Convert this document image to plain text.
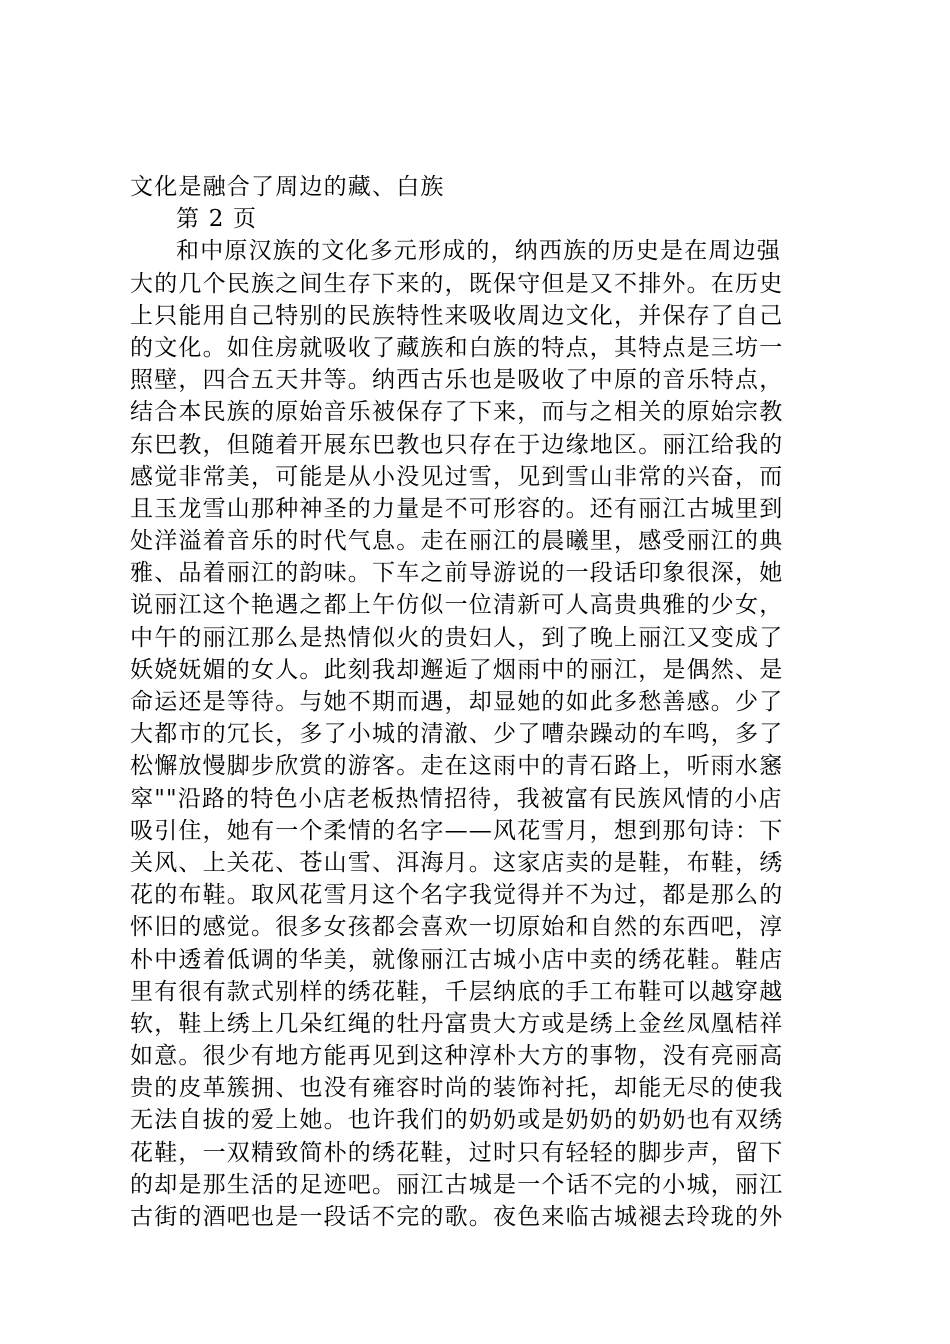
文化是融合了周边的藏、白族
第 2 页
和中原汉族的文化多元形成的，纳西族的历史是在周边强
大的几个民族之间生存下来的，既保守但是又不排外。在历史
上只能用自己特别的民族特性来吸收周边文化，并保存了自己
的文化。如住房就吸收了藏族和白族的特点，其特点是三坊一
照壁，四合五天井等。纳西古乐也是吸收了中原的音乐特点，
结合本民族的原始音乐被保存了下来，而与之相关的原始宗教
东巴教，但随着开展东巴教也只存在于边缘地区。丽江给我的
感觉非常美，可能是从小没见过雪，见到雪山非常的兴奋，而
且玉龙雪山那种神圣的力量是不可形容的。还有丽江古城里到
处洋溢着音乐的时代气息。走在丽江的晨曦里，感受丽江的典
雅、品着丽江的韵味。下车之前导游说的一段话印象很深，她
说丽江这个艳遇之都上午仿似一位清新可人高贵典雅的少女，
中午的丽江那么是热情似火的贵妇人，到了晚上丽江又变成了
妖娆妩媚的女人。此刻我却邂逅了烟雨中的丽江，是偶然、是
命运还是等待。与她不期而遇，却显她的如此多愁善感。少了
大都市的冗长，多了小城的清澈、少了嘈杂躁动的车鸣，多了
松懈放慢脚步欣赏的游客。走在这雨中的青石路上，听雨水窸
窣""沿路的特色小店老板热情招待，我被富有民族风情的小店
吸引住，她有一个柔情的名字——风花雪月，想到那句诗：下
关风、上关花、苍山雪、洱海月。这家店卖的是鞋，布鞋，绣
花的布鞋。取风花雪月这个名字我觉得并不为过，都是那么的
怀旧的感觉。很多女孩都会喜欢一切原始和自然的东西吧，淳
朴中透着低调的华美，就像丽江古城小店中卖的绣花鞋。鞋店
里有很有款式别样的绣花鞋，千层纳底的手工布鞋可以越穿越
软，鞋上绣上几朵红绳的牡丹富贵大方或是绣上金丝凤凰桔祥
如意。很少有地方能再见到这种淳朴大方的事物，没有亮丽高
贵的皮革簇拥、也没有雍容时尚的装饰衬托，却能无尽的使我
无法自拔的爱上她。也许我们的奶奶或是奶奶的奶奶也有双绣
花鞋，一双精致简朴的绣花鞋，过时只有轻轻的脚步声，留下
的却是那生活的足迹吧。丽江古城是一个话不完的小城，丽江
古街的酒吧也是一段话不完的歌。夜色来临古城褪去玲珑的外
